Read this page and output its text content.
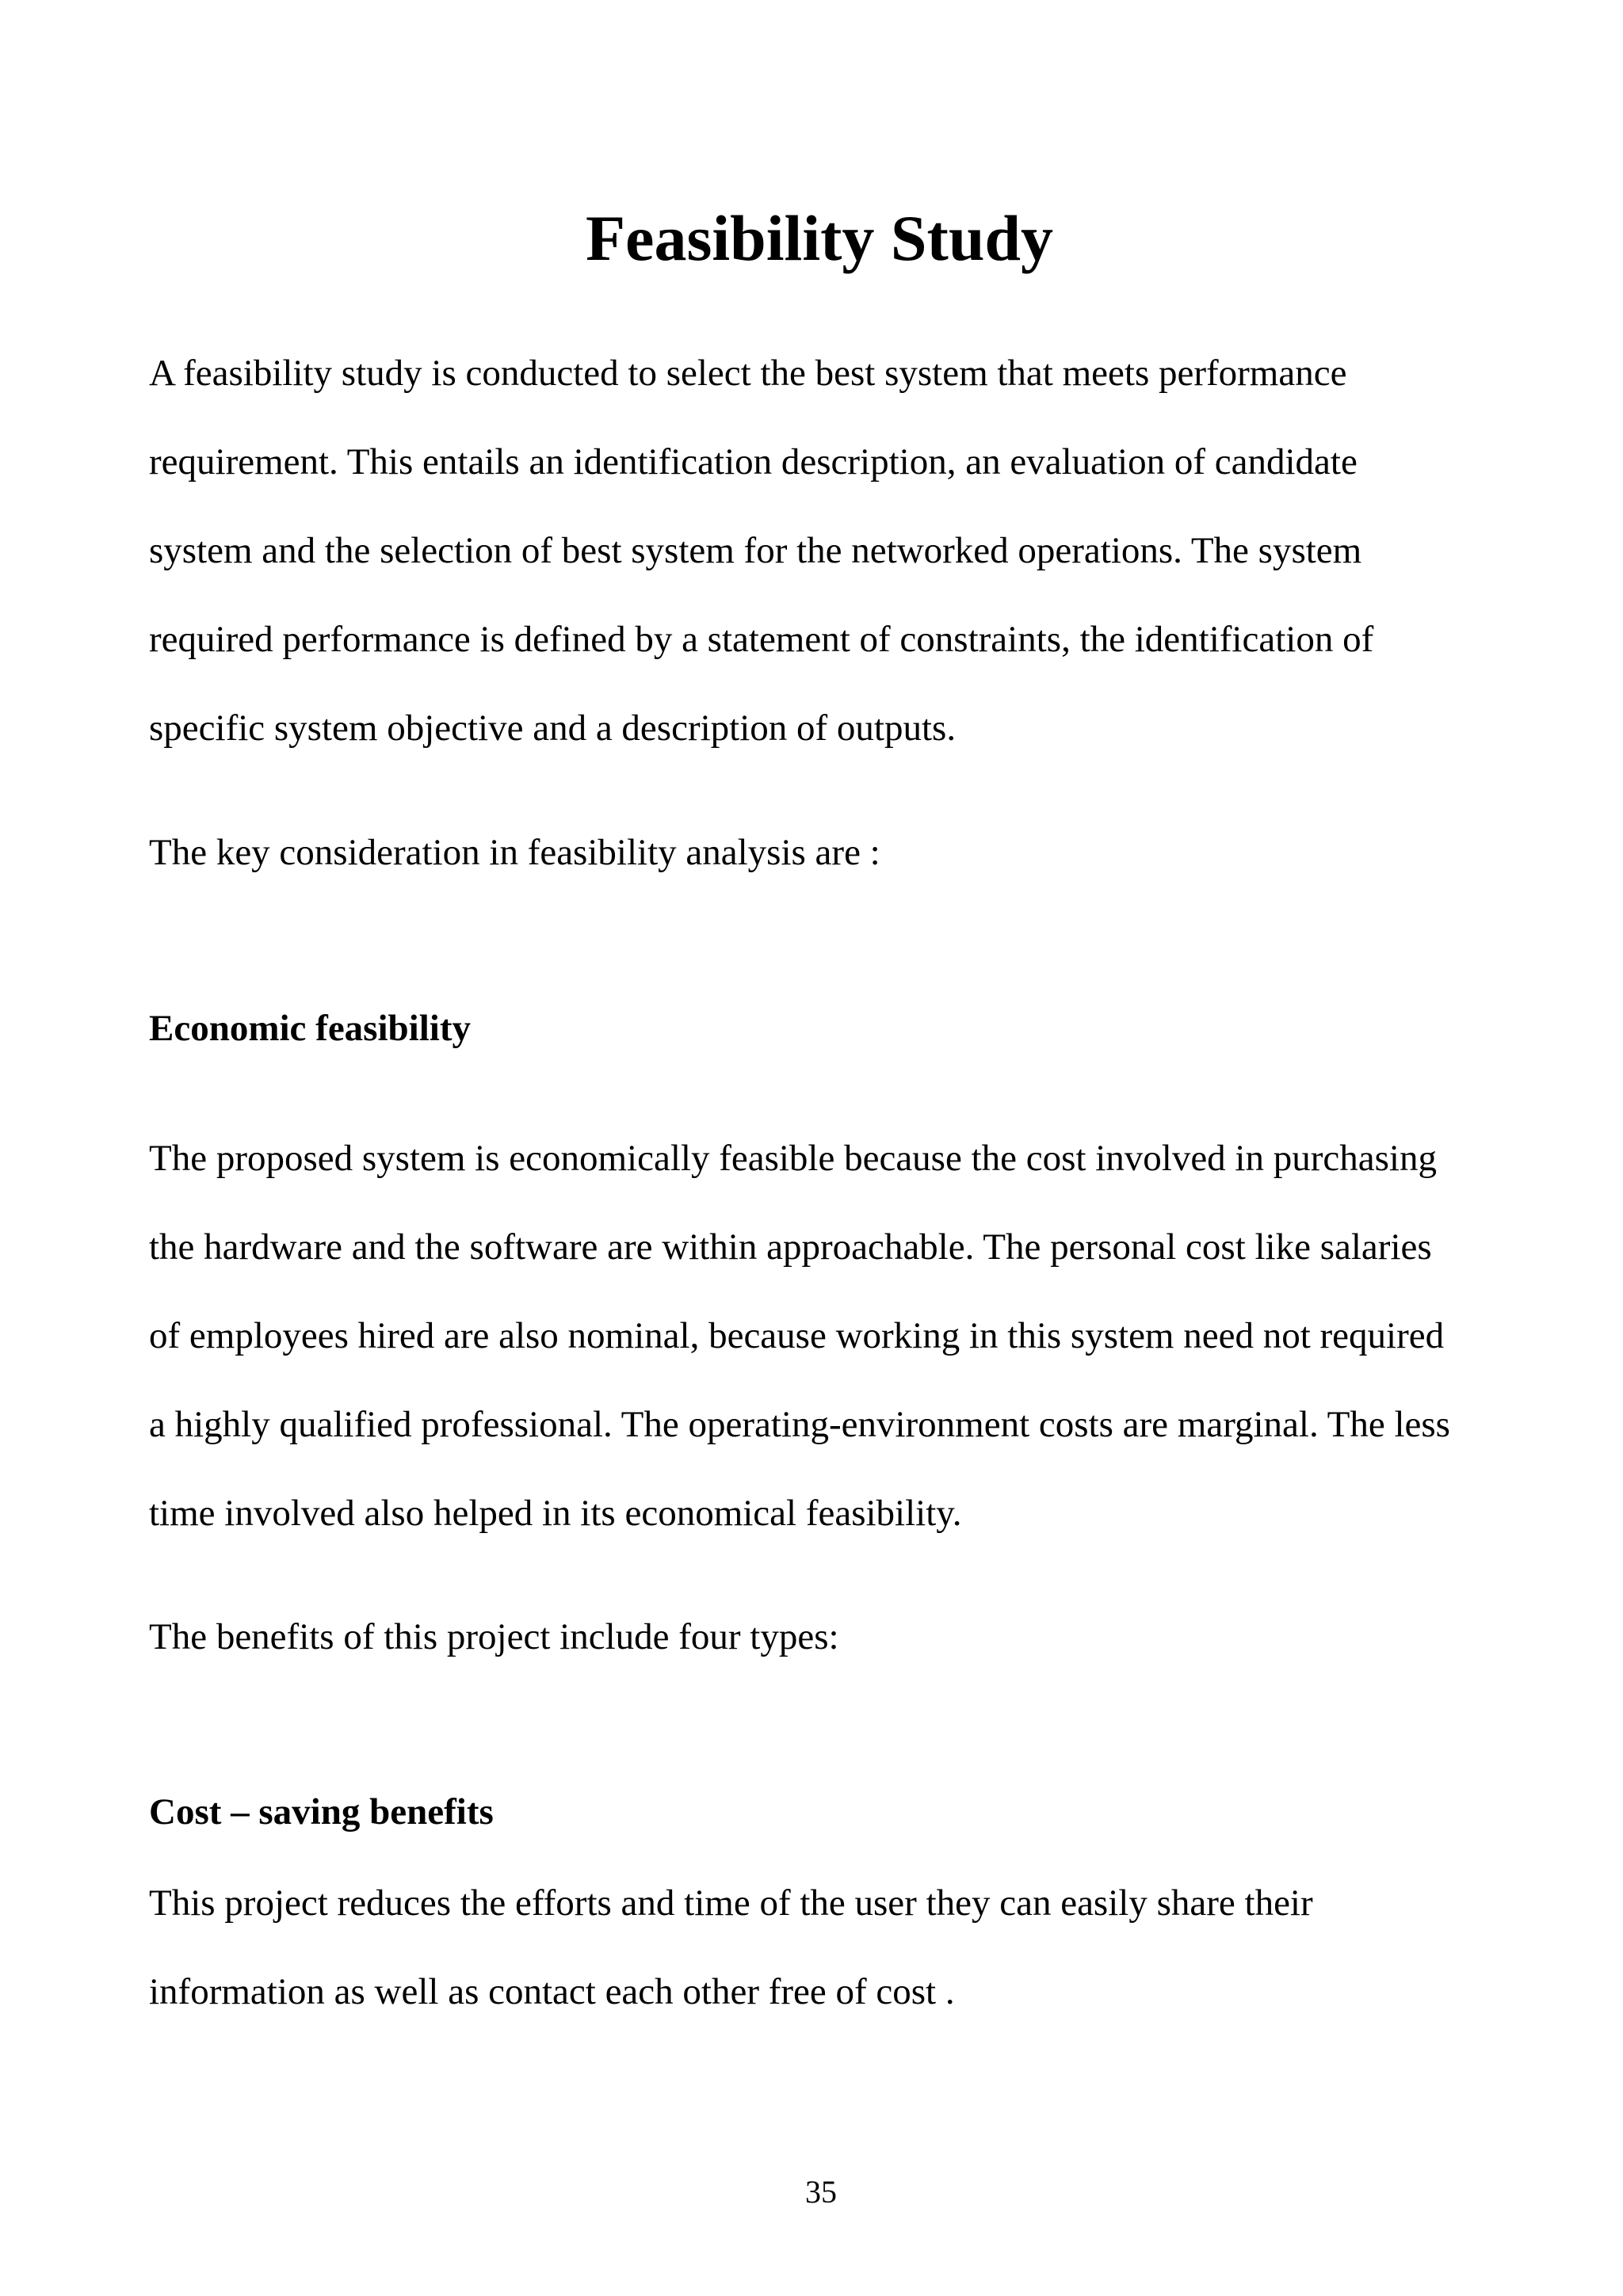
Feasibility Study
A feasibility study is conducted to select the best system that meets performance
requirement. This entails an identification description, an evaluation of candidate
system and the selection of best system for the networked operations. The system
required performance is defined by a statement of constraints, the identification of
specific system objective and a description of outputs.

The key consideration in feasibility analysis are :

Economic feasibility

The proposed system is economically feasible because the cost involved in purchasing
the hardware and the software are within approachable. The personal cost like salaries
of employees hired are also nominal, because working in this system need not required
a highly qualified professional. The operating-environment costs are marginal. The less
time involved also helped in its economical feasibility.

The benefits of this project include four types:

Cost – saving benefits

This project reduces the efforts and time of the user they can easily share their
information as well as contact each other free of cost .

35
